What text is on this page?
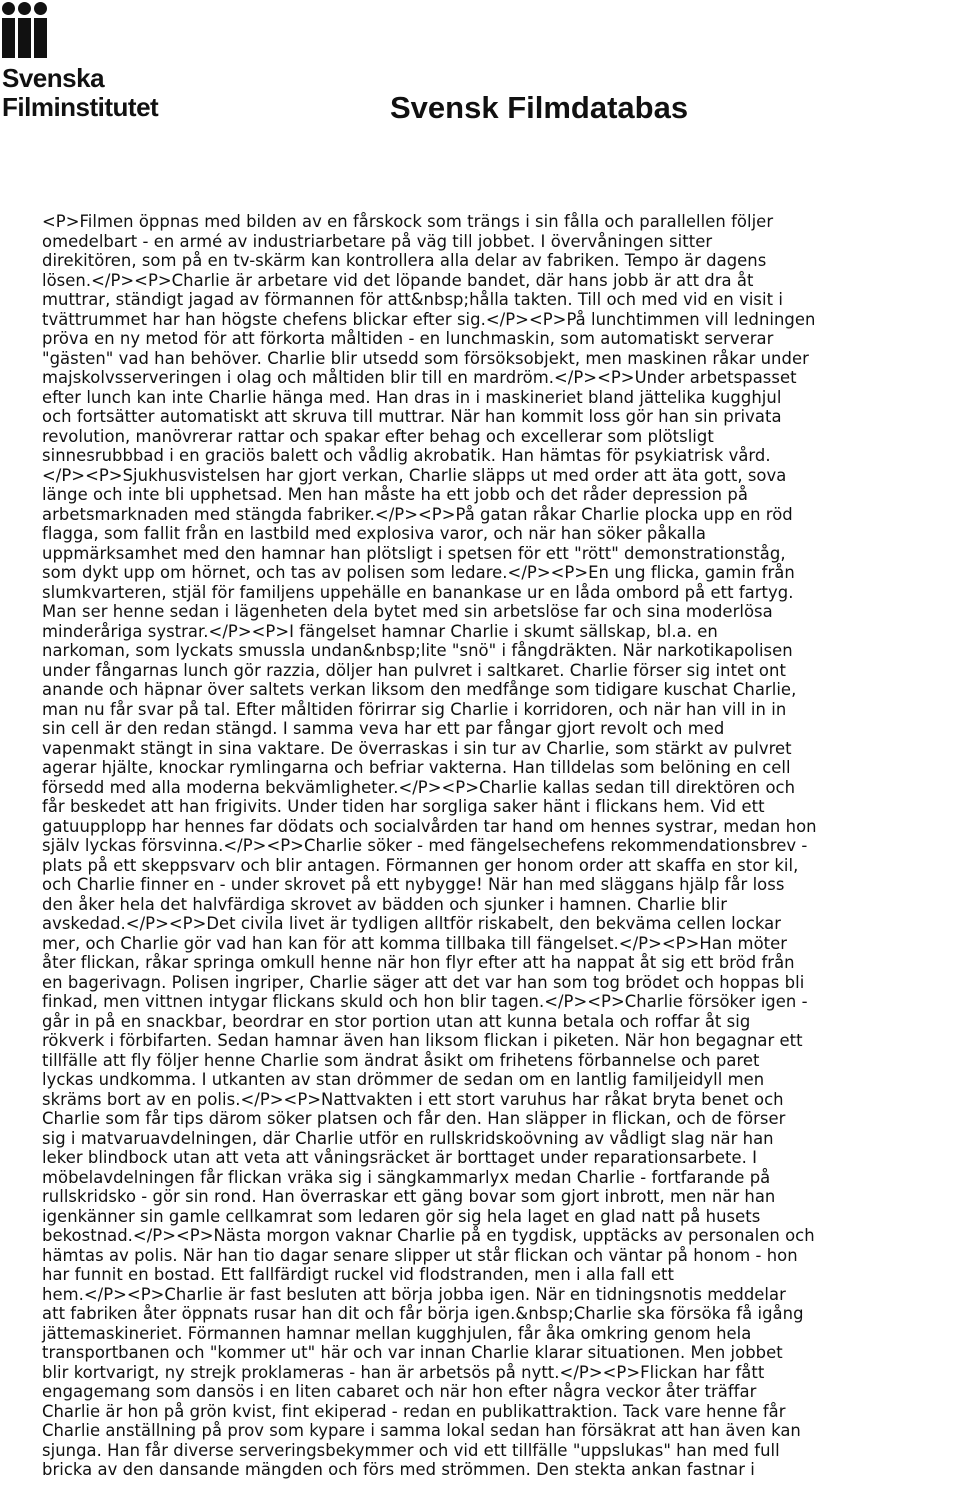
Svenska
Filminstitutet	Svensk Filmdatabas
<P>Filmen öppnas med bilden av en fårskock som trängs i sin fålla och parallellen följer
omedelbart - en armé av industriarbetare på väg till jobbet. I övervåningen sitter
direkitören, som på en tv-skärm kan kontrollera alla delar av fabriken. Tempo är dagens
lösen.</P><P>Charlie är arbetare vid det löpande bandet, där hans jobb är att dra åt
muttrar, ständigt jagad av förmannen för att&nbsp;hålla takten. Till och med vid en visit i
tvättrummet har han högste chefens blickar efter sig.</P><P>På lunchtimmen vill ledningen
pröva en ny metod för att förkorta måltiden - en lunchmaskin, som automatiskt serverar
"gästen" vad han behöver. Charlie blir utsedd som försöksobjekt, men maskinen råkar under
majskolvsserveringen i olag och måltiden blir till en mardröm.</P><P>Under arbetspasset
efter lunch kan inte Charlie hänga med. Han dras in i maskineriet bland jättelika kugghjul
och fortsätter automatiskt att skruva till muttrar. När han kommit loss gör han sin privata
revolution, manövrerar rattar och spakar efter behag och excellerar som plötsligt
sinnesrubbbad i en graciös balett och vådlig akrobatik. Han hämtas för psykiatrisk vård.
</P><P>Sjukhusvistelsen har gjort verkan, Charlie släpps ut med order att äta gott, sova
länge och inte bli upphetsad. Men han måste ha ett jobb och det råder depression på
arbetsmarknaden med stängda fabriker.</P><P>På gatan råkar Charlie plocka upp en röd
flagga, som fallit från en lastbild med explosiva varor, och när han söker påkalla
uppmärksamhet med den hamnar han plötsligt i spetsen för ett "rött" demonstrationståg,
som dykt upp om hörnet, och tas av polisen som ledare.</P><P>En ung flicka, gamin från
slumkvarteren, stjäl för familjens uppehälle en banankase ur en låda ombord på ett fartyg.
Man ser henne sedan i lägenheten dela bytet med sin arbetslöse far och sina moderlösa
minderåriga systrar.</P><P>I fängelset hamnar Charlie i skumt sällskap, bl.a. en
narkoman, som lyckats smussla undan&nbsp;lite "snö" i fångdräkten. När narkotikapolisen
under fångarnas lunch gör razzia, döljer han pulvret i saltkaret. Charlie förser sig intet ont
anande och häpnar över saltets verkan liksom den medfånge som tidigare kuschat Charlie,
man nu får svar på tal. Efter måltiden förirrar sig Charlie i korridoren, och när han vill in in
sin cell är den redan stängd. I samma veva har ett par fångar gjort revolt och med
vapenmakt stängt in sina vaktare. De överraskas i sin tur av Charlie, som stärkt av pulvret
agerar hjälte, knockar rymlingarna och befriar vakterna. Han tilldelas som belöning en cell
försedd med alla moderna bekvämligheter.</P><P>Charlie kallas sedan till direktören och
får beskedet att han frigivits. Under tiden har sorgliga saker hänt i flickans hem. Vid ett
gatuupplopp har hennes far dödats och socialvården tar hand om hennes systrar, medan hon
själv lyckas försvinna.</P><P>Charlie söker - med fängelsechefens rekommendationsbrev -
plats på ett skeppsvarv och blir antagen. Förmannen ger honom order att skaffa en stor kil,
och Charlie finner en - under skrovet på ett nybygge! När han med släggans hjälp får loss
den åker hela det halvfärdiga skrovet av bädden och sjunker i hamnen. Charlie blir
avskedad.</P><P>Det civila livet är tydligen alltför riskabelt, den bekväma cellen lockar
mer, och Charlie gör vad han kan för att komma tillbaka till fängelset.</P><P>Han möter
åter flickan, råkar springa omkull henne när hon flyr efter att ha nappat åt sig ett bröd från
en bagerivagn. Polisen ingriper, Charlie säger att det var han som tog brödet och hoppas bli
finkad, men vittnen intygar flickans skuld och hon blir tagen.</P><P>Charlie försöker igen -
går in på en snackbar, beordrar en stor portion utan att kunna betala och roffar åt sig
rökverk i förbifarten. Sedan hamnar även han liksom flickan i piketen. När hon begagnar ett
tillfälle att fly följer henne Charlie som ändrat åsikt om frihetens förbannelse och paret
lyckas undkomma. I utkanten av stan drömmer de sedan om en lantlig familjeidyll men
skräms bort av en polis.</P><P>Nattvakten i ett stort varuhus har råkat bryta benet och
Charlie som får tips därom söker platsen och får den. Han släpper in flickan, och de förser
sig i matvaruavdelningen, där Charlie utför en rullskridskoövning av vådligt slag när han
leker blindbock utan att veta att våningsräcket är borttaget under reparationsarbete. I
möbelavdelningen får flickan vräka sig i sängkammarlyx medan Charlie - fortfarande på
rullskridsko - gör sin rond. Han överraskar ett gäng bovar som gjort inbrott, men när han
igenkänner sin gamle cellkamrat som ledaren gör sig hela laget en glad natt på husets
bekostnad.</P><P>Nästa morgon vaknar Charlie på en tygdisk, upptäcks av personalen och
hämtas av polis. När han tio dagar senare slipper ut står flickan och väntar på honom - hon
har funnit en bostad. Ett fallfärdigt ruckel vid flodstranden, men i alla fall ett
hem.</P><P>Charlie är fast besluten att börja jobba igen. När en tidningsnotis meddelar
att fabriken åter öppnats rusar han dit och får börja igen.&nbsp;Charlie ska försöka få igång
jättemaskineriet. Förmannen hamnar mellan kugghjulen, får åka omkring genom hela
transportbanen och "kommer ut" här och var innan Charlie klarar situationen. Men jobbet
blir kortvarigt, ny strejk proklameras - han är arbetsös på nytt.</P><P>Flickan har fått
engagemang som dansös i en liten cabaret och när hon efter några veckor åter träffar
Charlie är hon på grön kvist, fint ekiperad - redan en publikattraktion. Tack vare henne får
Charlie anställning på prov som kypare i samma lokal sedan han försäkrat att han även kan
sjunga. Han får diverse serveringsbekymmer och vid ett tillfälle "uppslukas" han med full
bricka av den dansande mängden och förs med strömmen. Den stekta ankan fastnar i
